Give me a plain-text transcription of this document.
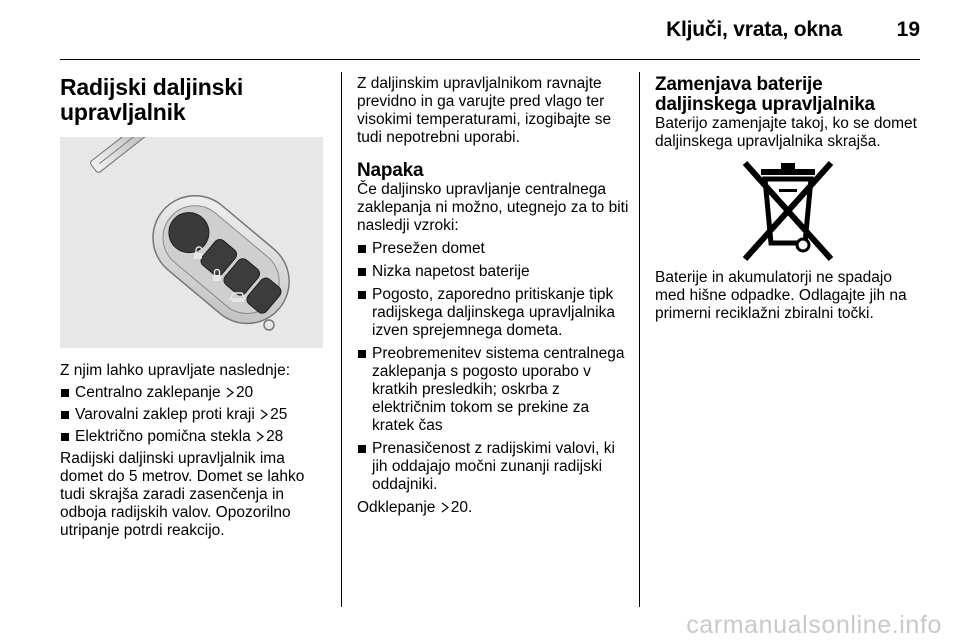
Ključi, vrata, okna	19
Radijski daljinski upravljalnik

Z njim lahko upravljate naslednje:

Centralno zaklepanje 20
Varovalni zaklep proti kraji 25
Električno pomična stekla 28

Radijski daljinski upravljalnik ima domet do 5 metrov. Domet se lahko tudi skrajša zaradi zasenčenja in odboja radijskih valov. Opozorilno utripanje potrdi reakcijo.

Z daljinskim upravljalnikom ravnajte previdno in ga varujte pred vlago ter visokimi temperaturami, izogibajte se tudi nepotrebni uporabi.

Napaka

Če daljinsko upravljanje centralnega zaklepanja ni možno, utegnejo za to biti nasledji vzroki:

Presežen domet
Nizka napetost baterije
Pogosto, zaporedno pritiskanje tipk radijskega daljinskega upravljalnika izven sprejemnega dometa.
Preobremenitev sistema centralnega zaklepanja s pogosto uporabo v kratkih presledkih; oskrba z električnim tokom se prekine za kratek čas
Prenasičenost z radijskimi valovi, ki jih oddajajo močni zunanji radijski oddajniki.

Odklepanje 20.

Zamenjava baterije daljinskega upravljalnika

Baterijo zamenjajte takoj, ko se domet daljinskega upravljalnika skrajša.

Baterije in akumulatorji ne spadajo med hišne odpadke. Odlagajte jih na primerni reciklažni zbiralni točki.

carmanualsonline.info
